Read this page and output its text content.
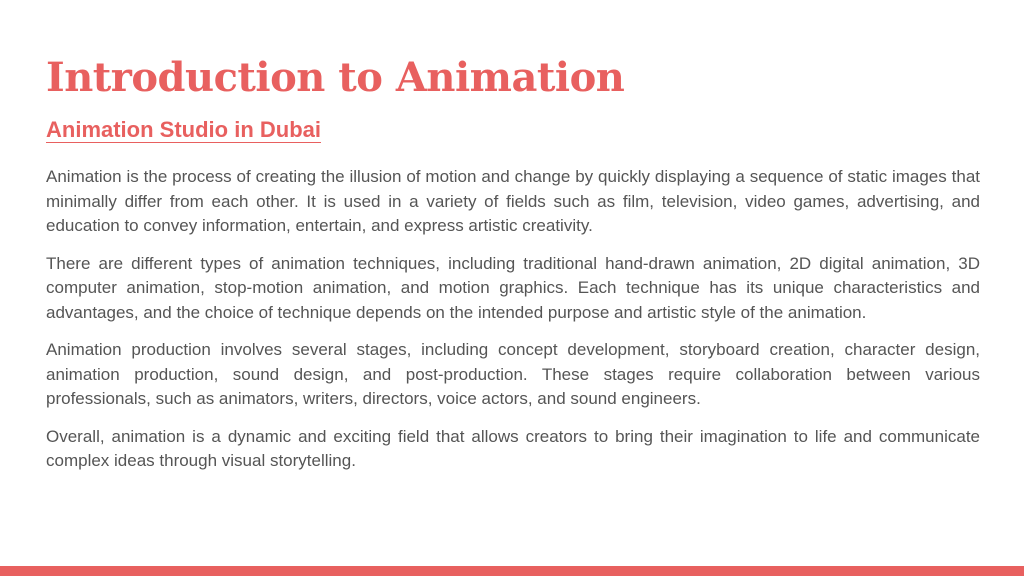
Introduction to Animation
Animation Studio in Dubai

Animation is the process of creating the illusion of motion and change by quickly displaying a sequence of static images that minimally differ from each other. It is used in a variety of fields such as film, television, video games, advertising, and education to convey information, entertain, and express artistic creativity.

There are different types of animation techniques, including traditional hand-drawn animation, 2D digital animation, 3D computer animation, stop-motion animation, and motion graphics. Each technique has its unique characteristics and advantages, and the choice of technique depends on the intended purpose and artistic style of the animation.

Animation production involves several stages, including concept development, storyboard creation, character design, animation production, sound design, and post-production. These stages require collaboration between various professionals, such as animators, writers, directors, voice actors, and sound engineers.

Overall, animation is a dynamic and exciting field that allows creators to bring their imagination to life and communicate complex ideas through visual storytelling.
